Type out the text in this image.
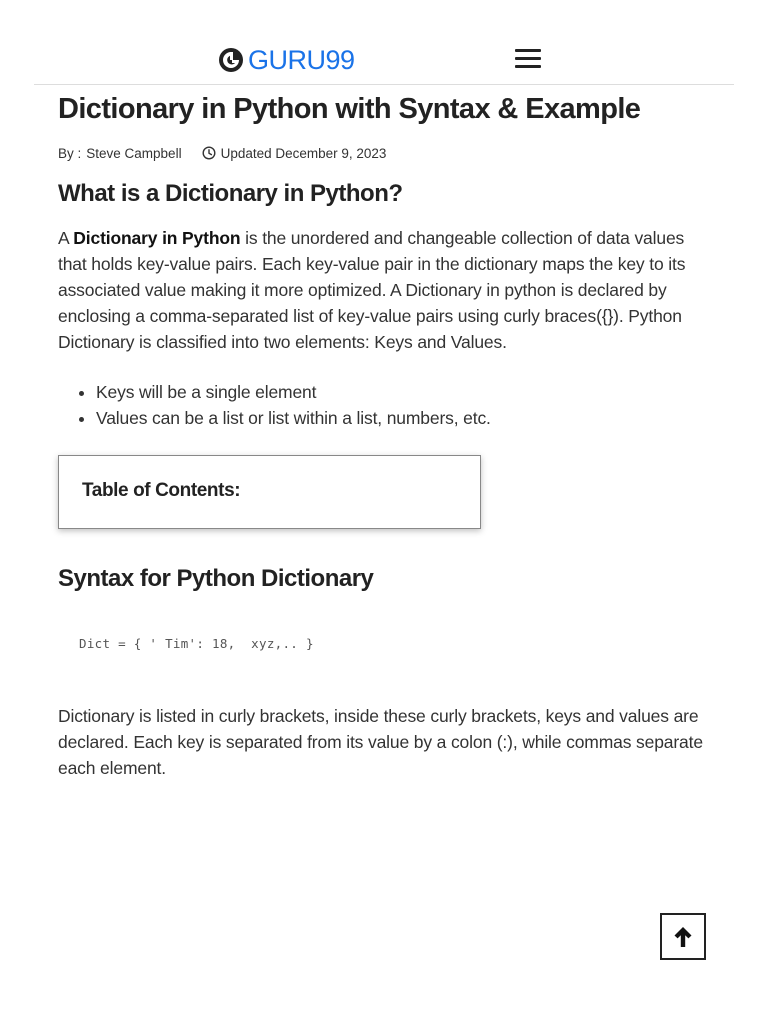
GURU99
Dictionary in Python with Syntax & Example
By : Steve Campbell	Updated December 9, 2023
What is a Dictionary in Python?

A Dictionary in Python is the unordered and changeable collection of data values that holds key-value pairs. Each key-value pair in the dictionary maps the key to its associated value making it more optimized. A Dictionary in python is declared by enclosing a comma-separated list of key-value pairs using curly braces({}). Python Dictionary is classified into two elements: Keys and Values.

• Keys will be a single element
• Values can be a list or list within a list, numbers, etc.
Table of Contents:
Syntax for Python Dictionary
Dict = { ' Tim': 18,  xyz,.. }

Dictionary is listed in curly brackets, inside these curly brackets, keys and values are declared. Each key is separated from its value by a colon (:), while commas separate each element.
